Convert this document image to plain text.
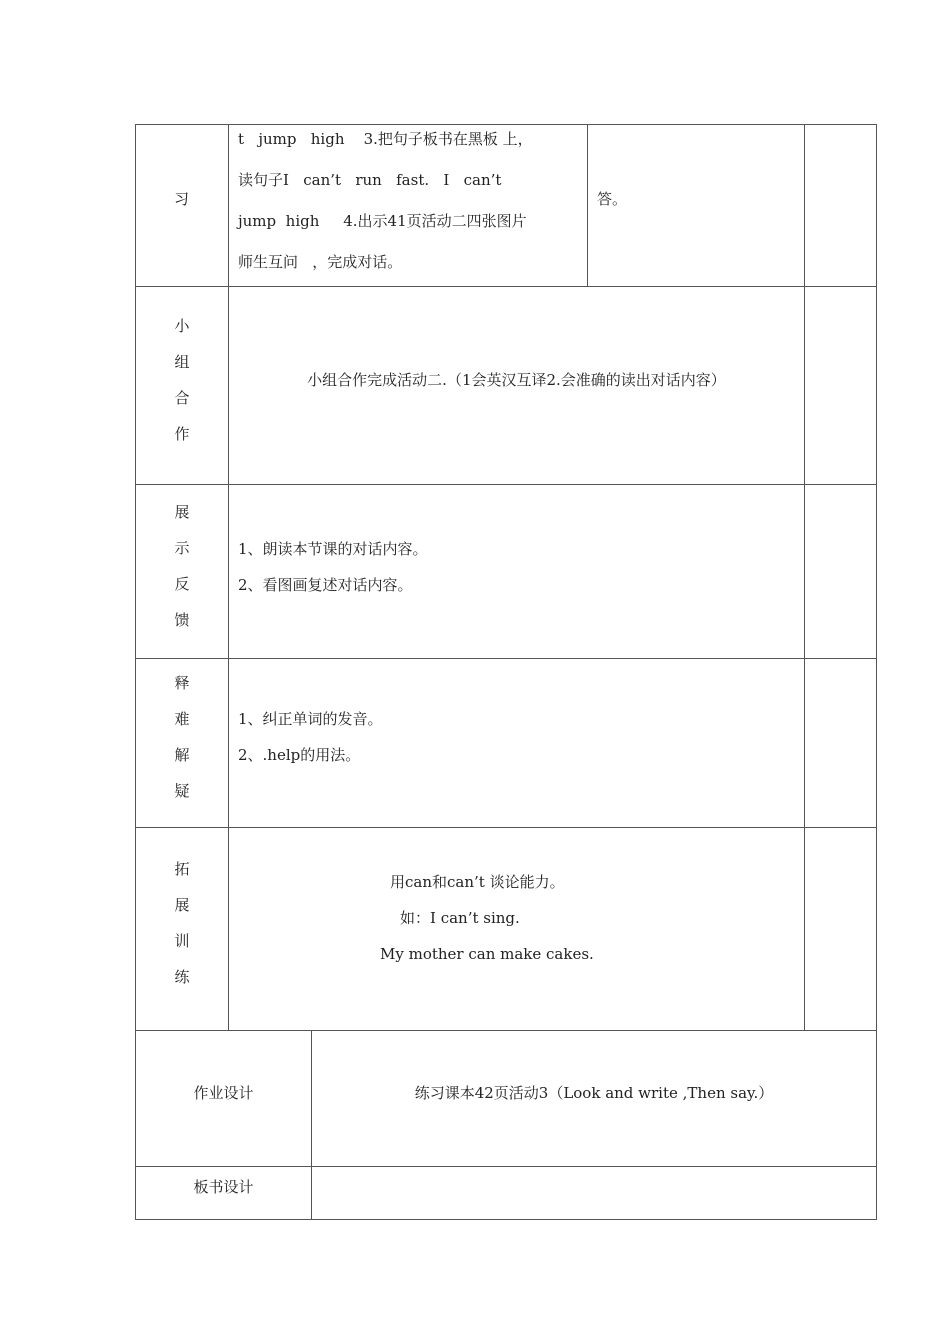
习
t   jump   high    3.把句子板书在黑板 上，
读句子I   can’t   run   fast.   I   can’t
jump  high     4.出示41页活动二四张图片
师生互问   ，完成对话。
答。
小
组
合
作
小组合作完成活动二.（1会英汉互译2.会准确的读出对话内容）
展
示
反
馈
1、朗读本节课的对话内容。
2、看图画复述对话内容。
释
难
解
疑
1、纠正单词的发音。
2、.help的用法。
拓
展
训
练
用can和can’t 谈论能力。
如：I can’t sing.
My mother can make cakes.
作业设计	练习课本42页活动3（Look and write ,Then say.）
板书设计
